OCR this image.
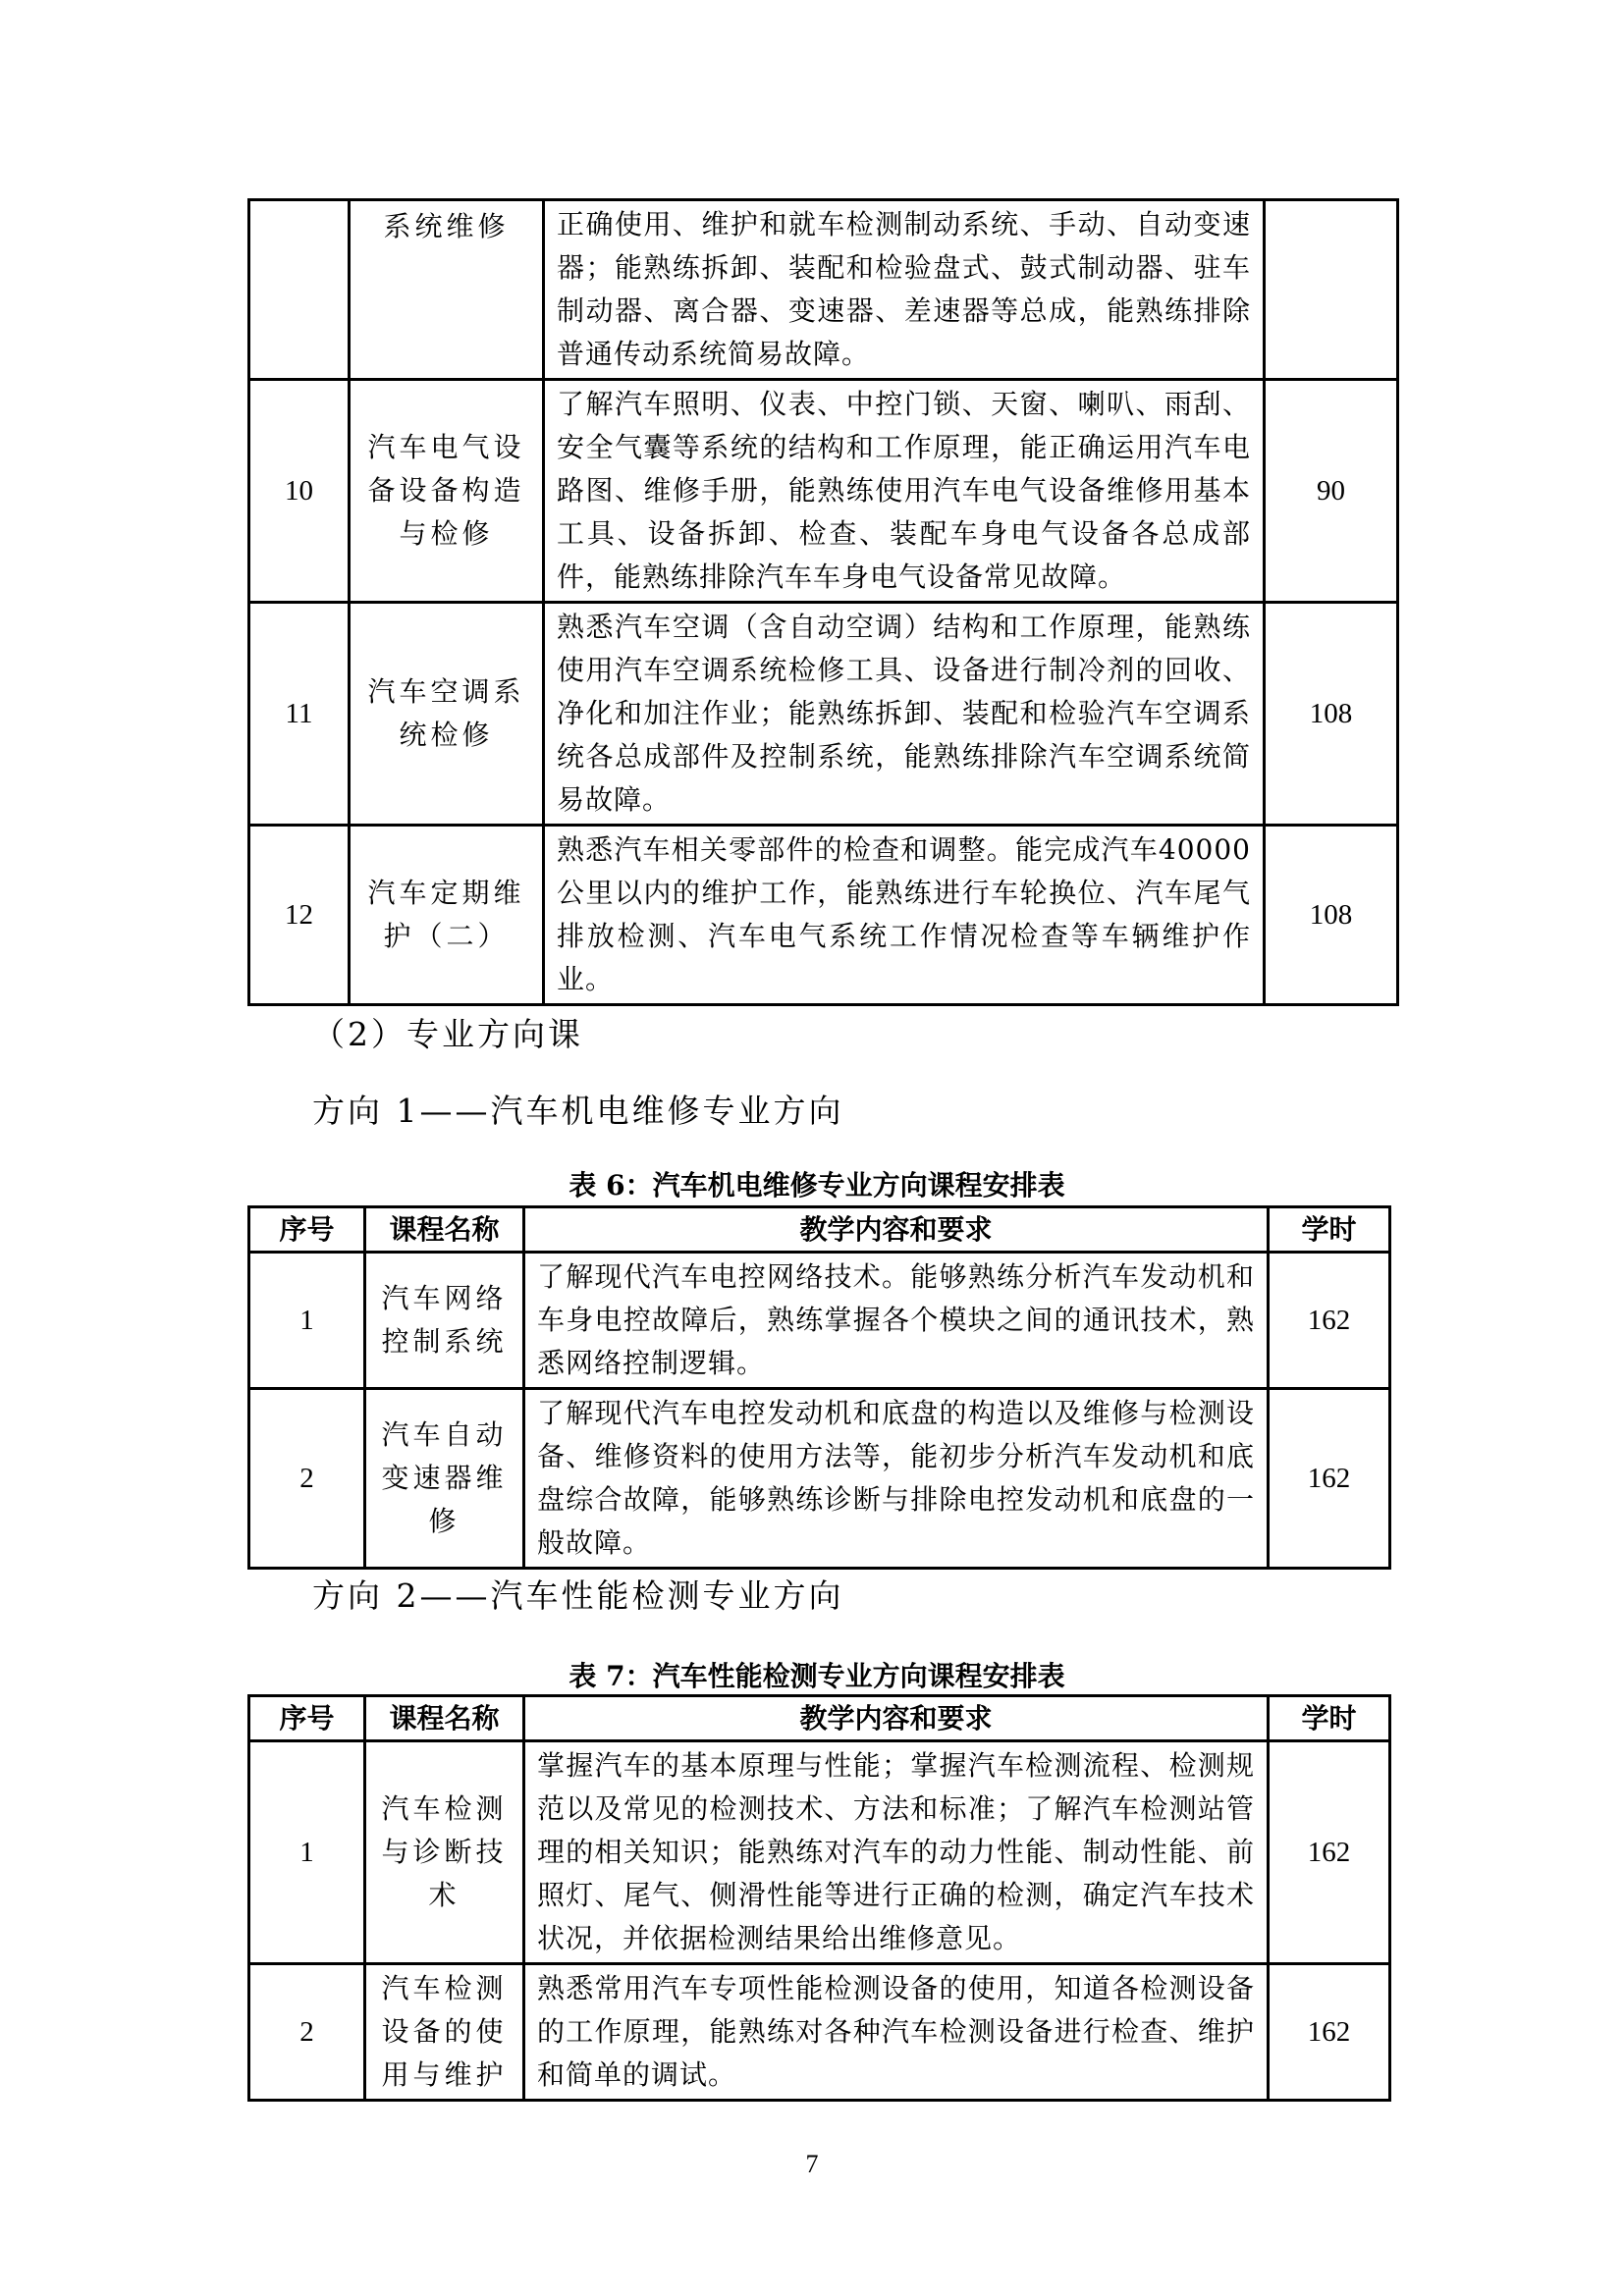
	系统维修	正确使用、维护和就车检测制动系统、手动、自动变速器；能熟练拆卸、装配和检验盘式、鼓式制动器、驻车制动器、离合器、变速器、差速器等总成，能熟练排除普通传动系统简易故障。	
10	汽车电气设备设备构造与检修	了解汽车照明、仪表、中控门锁、天窗、喇叭、雨刮、安全气囊等系统的结构和工作原理，能正确运用汽车电路图、维修手册，能熟练使用汽车电气设备维修用基本工具、设备拆卸、检查、装配车身电气设备各总成部件，能熟练排除汽车车身电气设备常见故障。	90
11	汽车空调系统检修	熟悉汽车空调（含自动空调）结构和工作原理，能熟练使用汽车空调系统检修工具、设备进行制冷剂的回收、净化和加注作业；能熟练拆卸、装配和检验汽车空调系统各总成部件及控制系统，能熟练排除汽车空调系统简易故障。	108
12	汽车定期维护（二）	熟悉汽车相关零部件的检查和调整。能完成汽车40000公里以内的维护工作，能熟练进行车轮换位、汽车尾气排放检测、汽车电气系统工作情况检查等车辆维护作业。	108

（2）专业方向课

方向 1——汽车机电维修专业方向

表 6：汽车机电维修专业方向课程安排表

序号	课程名称	教学内容和要求	学时
1	汽车网络控制系统	了解现代汽车电控网络技术。能够熟练分析汽车发动机和车身电控故障后，熟练掌握各个模块之间的通讯技术，熟悉网络控制逻辑。	162
2	汽车自动变速器维修	了解现代汽车电控发动机和底盘的构造以及维修与检测设备、维修资料的使用方法等，能初步分析汽车发动机和底盘综合故障，能够熟练诊断与排除电控发动机和底盘的一般故障。	162

方向 2——汽车性能检测专业方向

表 7：汽车性能检测专业方向课程安排表

序号	课程名称	教学内容和要求	学时
1	汽车检测与诊断技术	掌握汽车的基本原理与性能；掌握汽车检测流程、检测规范以及常见的检测技术、方法和标准；了解汽车检测站管理的相关知识；能熟练对汽车的动力性能、制动性能、前照灯、尾气、侧滑性能等进行正确的检测，确定汽车技术状况，并依据检测结果给出维修意见。	162
2	汽车检测设备的使用与维护	熟悉常用汽车专项性能检测设备的使用，知道各检测设备的工作原理，能熟练对各种汽车检测设备进行检查、维护和简单的调试。	162
7
